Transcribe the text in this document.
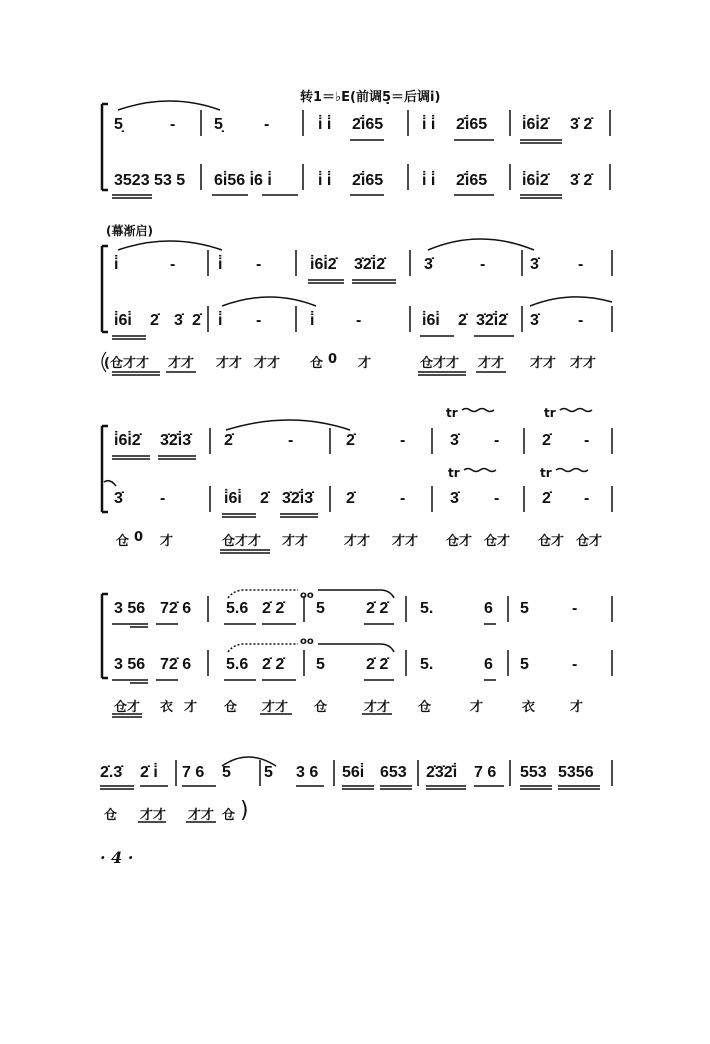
转1＝♭E(前调5̣＝后调i̇)
5̣	- 5̣	-	i̇ i̇ 2̇i̇65 i̇ i̇ 2̇i̇65 i̇6i̇2̇ 3̇ 2̇
3523 53 5 6i̇56 i̇6 i̇	i̇ i̇ 2̇i̇65 i̇ i̇ 2̇i̇65 i̇6i̇2̇ 3̇ 2̇
(幕渐启)
i̇	-	i̇ -	i̇6i̇2̇ 3̇2̇i̇2̇ 3̇	-	3̇ -
i̇6i̇ 2̇ 3̇ 2̇ i̇ -	i̇	-	i̇6i̇ 2̇ 3̇2̇i̇2̇ 3̇ -
(仓才才 才才 才才 才才 仓 0 才	仓才才 才才 才才 才才
tr	tr
tr	tr
i̇6i̇2̇ 3̇2̇i̇3̇ 2̇	-	2̇	-	3̇ -	2̇ -
3̇ -	i̇6i̇ 2̇ 3̇2̇i̇3̇ 2̇	-	3̇ -	2̇ -
仓 0 才	仓才才 才才	才才 才才 仓才 仓才 仓才 仓才
oo
oo
3 56 72̇ 6 5.6 2̇ 2̇ 5	2̇ 2̇ 5.	6 5	-
3 56 72̇ 6 5.6 2̇ 2̇ 5	2̇ 2̇ 5.	6 5	-
仓才 衣 才 仓 才才 仓	才才 仓	才	衣	才
2̇.3̇ 2̇ i̇ 7 6 5 5 3 6 56i̇ 653 2̇3̇2̇i̇ 7 6 553 5356
仓 才才 才才 仓 )
· 4 ·
